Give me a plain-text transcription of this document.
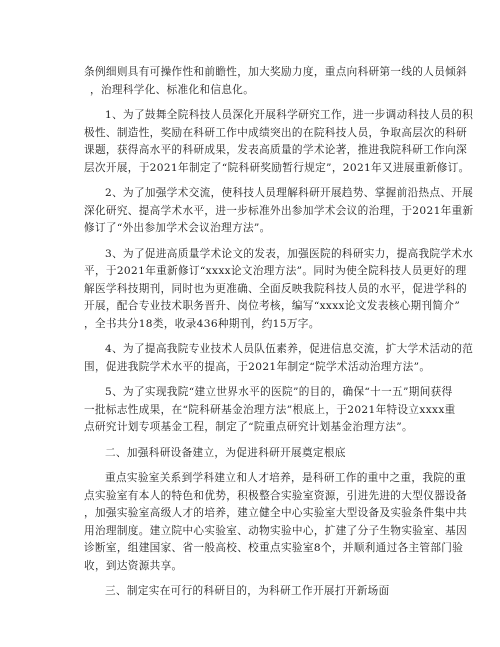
条例细则具有可操作性和前瞻性，加大奖励力度，重点向科研第一线的人员倾斜

，治理科学化、标准化和信息化。

1、为了鼓舞全院科技人员深化开展科学研究工作，进一步调动科技人员的积

极性、制造性，奖励在科研工作中成绩突出的在院科技人员，争取高层次的科研

课题，获得高水平的科研成果，发表高质量的学术论著，推进我院科研工作向深

层次开展，于2021年制定了“院科研奖励暂行规定”，2021年又进展重新修订。

2、为了加强学术交流，使科技人员理解科研开展趋势、掌握前沿热点、开展

深化研究、提高学术水平，进一步标准外出参加学术会议的治理，于2021年重新

修订了“外出参加学术会议治理方法”。

3、为了促进高质量学术论文的发表，加强医院的科研实力，提高我院学术水

平，于2021年重新修订“xxxx论文治理方法”。同时为使全院科技人员更好的理

解医学科技期刊，同时也为更准确、全面反映我院科技人员的水平，促进学科的

开展，配合专业技术职务晋升、岗位考核，编写“xxxx论文发表核心期刊简介”

，全书共分18类，收录436种期刊，约15万字。

4、为了提高我院专业技术人员队伍素养，促进信息交流，扩大学术活动的范

围，促进我院学术水平的提高，于2021年制定“院学术活动治理方法”。

5、为了实现我院“建立世界水平的医院”的目的，确保“十一五”期间获得

一批标志性成果，在“院科研基金治理方法”根底上，于2021年特设立xxxx重

点研究计划专项基金工程，制定了“院重点研究计划基金治理方法”。

二、加强科研设备建立，为促进科研开展奠定根底

重点实验室关系到学科建立和人才培养，是科研工作的重中之重，我院的重

点实验室有本人的特色和优势，积极整合实验室资源，引进先进的大型仪器设备

，加强实验室高级人才的培养，建立健全中心实验室大型设备及实验条件集中共

用治理制度。建立院中心实验室、动物实验中心，扩建了分子生物实验室、基因

诊断室，组建国家、省一般高校、校重点实验室8个，并顺利通过各主管部门验

收，到达资源共享。

三、制定实在可行的科研目的，为科研工作开展打开新场面
